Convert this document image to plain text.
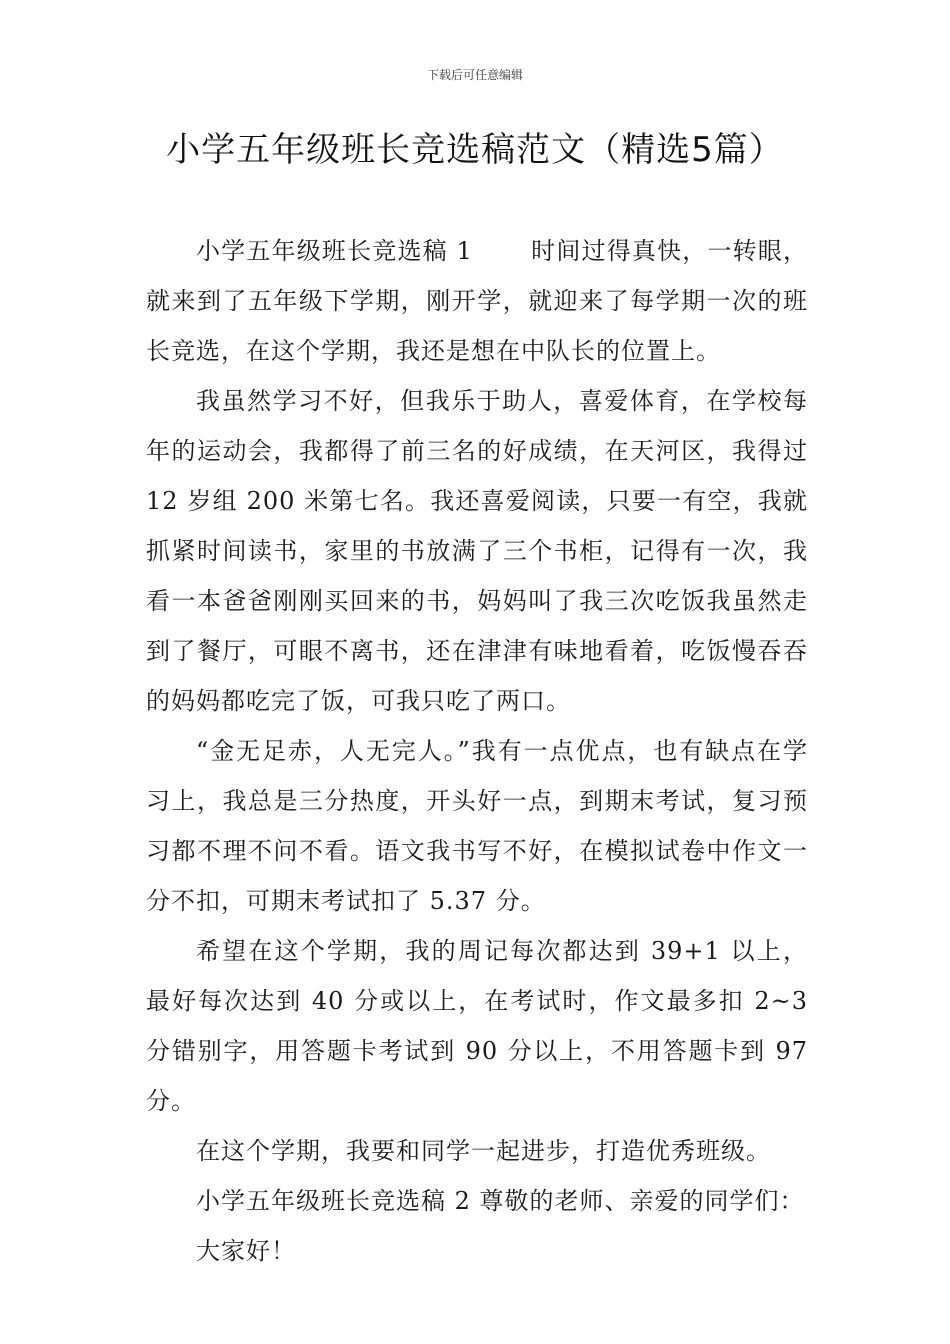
下载后可任意编辑
小学五年级班长竞选稿范文（精选5篇）

小学五年级班长竞选稿 1 时间过得真快，一转眼，就来到了五年级下学期，刚开学，就迎来了每学期一次的班长竞选，在这个学期，我还是想在中队长的位置上。

我虽然学习不好，但我乐于助人，喜爱体育，在学校每年的运动会，我都得了前三名的好成绩，在天河区，我得过 12 岁组 200 米第七名。我还喜爱阅读，只要一有空，我就抓紧时间读书，家里的书放满了三个书柜，记得有一次，我看一本爸爸刚刚买回来的书，妈妈叫了我三次吃饭我虽然走到了餐厅，可眼不离书，还在津津有味地看着，吃饭慢吞吞的妈妈都吃完了饭，可我只吃了两口。

“金无足赤，人无完人。”我有一点优点，也有缺点在学习上，我总是三分热度，开头好一点，到期末考试，复习预习都不理不问不看。语文我书写不好，在模拟试卷中作文一分不扣，可期末考试扣了 5.37 分。

希望在这个学期，我的周记每次都达到 39+1 以上，最好每次达到 40 分或以上，在考试时，作文最多扣 2~3 分错别字，用答题卡考试到 90 分以上，不用答题卡到 97 分。

在这个学期，我要和同学一起进步，打造优秀班级。

小学五年级班长竞选稿 2 尊敬的老师、亲爱的同学们：

大家好！
